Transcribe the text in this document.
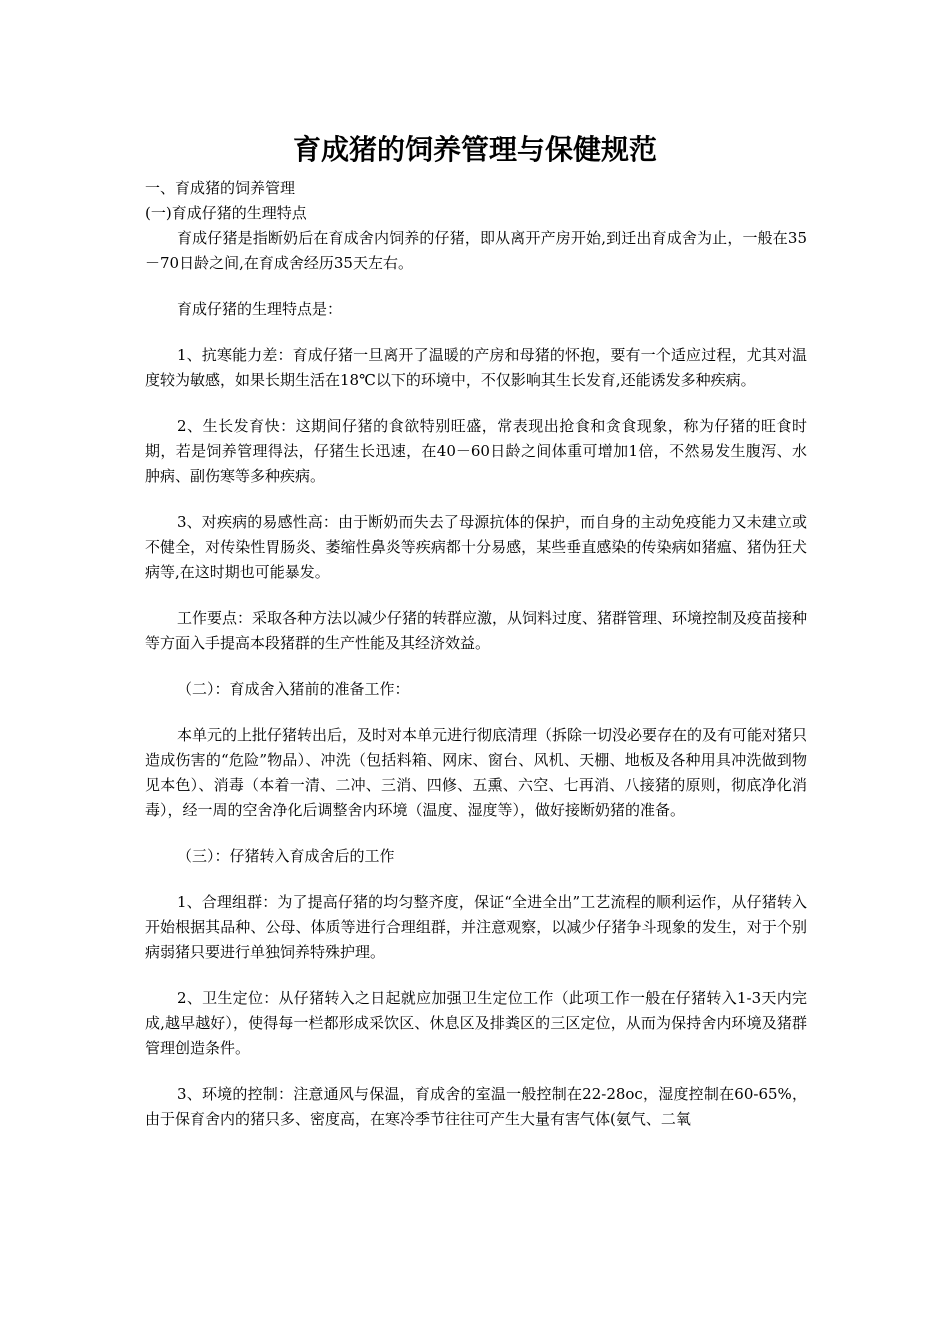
育成猪的饲养管理与保健规范

一、育成猪的饲养管理

(一)育成仔猪的生理特点

育成仔猪是指断奶后在育成舍内饲养的仔猪，即从离开产房开始,到迁出育成舍为止，一般在35－70日龄之间,在育成舍经历35天左右。

育成仔猪的生理特点是：

1、抗寒能力差：育成仔猪一旦离开了温暖的产房和母猪的怀抱，要有一个适应过程，尤其对温度较为敏感，如果长期生活在18℃以下的环境中，不仅影响其生长发育,还能诱发多种疾病。

2、生长发育快：这期间仔猪的食欲特别旺盛，常表现出抢食和贪食现象，称为仔猪的旺食时期，若是饲养管理得法，仔猪生长迅速，在40－60日龄之间体重可增加1倍，不然易发生腹泻、水肿病、副伤寒等多种疾病。

3、对疾病的易感性高：由于断奶而失去了母源抗体的保护，而自身的主动免疫能力又未建立或不健全，对传染性胃肠炎、萎缩性鼻炎等疾病都十分易感，某些垂直感染的传染病如猪瘟、猪伪狂犬病等,在这时期也可能暴发。

工作要点：采取各种方法以减少仔猪的转群应激，从饲料过度、猪群管理、环境控制及疫苗接种等方面入手提高本段猪群的生产性能及其经济效益。

（二）：育成舍入猪前的准备工作：

本单元的上批仔猪转出后，及时对本单元进行彻底清理（拆除一切没必要存在的及有可能对猪只造成伤害的“危险”物品）、冲洗（包括料箱、网床、窗台、风机、天棚、地板及各种用具冲洗做到物见本色）、消毒（本着一清、二冲、三消、四修、五熏、六空、七再消、八接猪的原则，彻底净化消毒），经一周的空舍净化后调整舍内环境（温度、湿度等），做好接断奶猪的准备。

（三）：仔猪转入育成舍后的工作

1、合理组群：为了提高仔猪的均匀整齐度，保证“全进全出”工艺流程的顺利运作，从仔猪转入开始根据其品种、公母、体质等进行合理组群，并注意观察，以减少仔猪争斗现象的发生，对于个别病弱猪只要进行单独饲养特殊护理。

2、卫生定位：从仔猪转入之日起就应加强卫生定位工作（此项工作一般在仔猪转入1-3天内完成,越早越好），使得每一栏都形成采饮区、休息区及排粪区的三区定位，从而为保持舍内环境及猪群管理创造条件。

3、环境的控制：注意通风与保温，育成舍的室温一般控制在22-28oc，湿度控制在60-65%，由于保育舍内的猪只多、密度高，在寒冷季节往往可产生大量有害气体(氨气、二氧
